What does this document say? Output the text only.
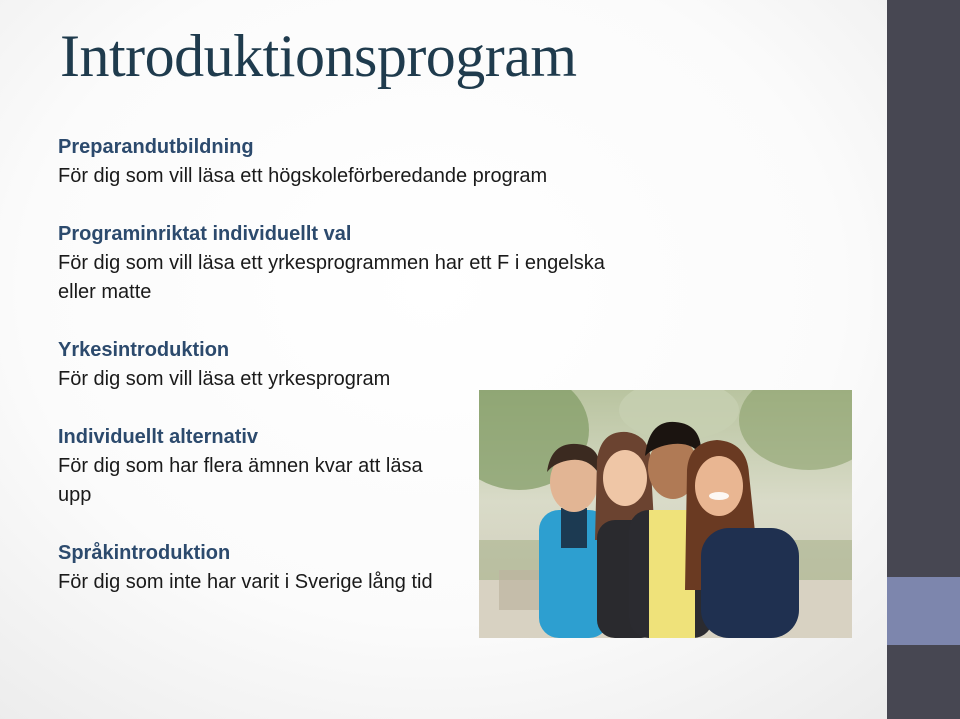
Introduktionsprogram
Preparandutbildning
För dig som vill läsa ett högskoleförberedande program
Programinriktat individuellt val
För dig som vill läsa ett yrkesprogrammen har ett F i engelska eller matte
Yrkesintroduktion
För dig som vill läsa ett yrkesprogram
Individuellt alternativ
För dig som har flera ämnen kvar att läsa upp
Språkintroduktion
För dig som inte har varit i Sverige lång tid
